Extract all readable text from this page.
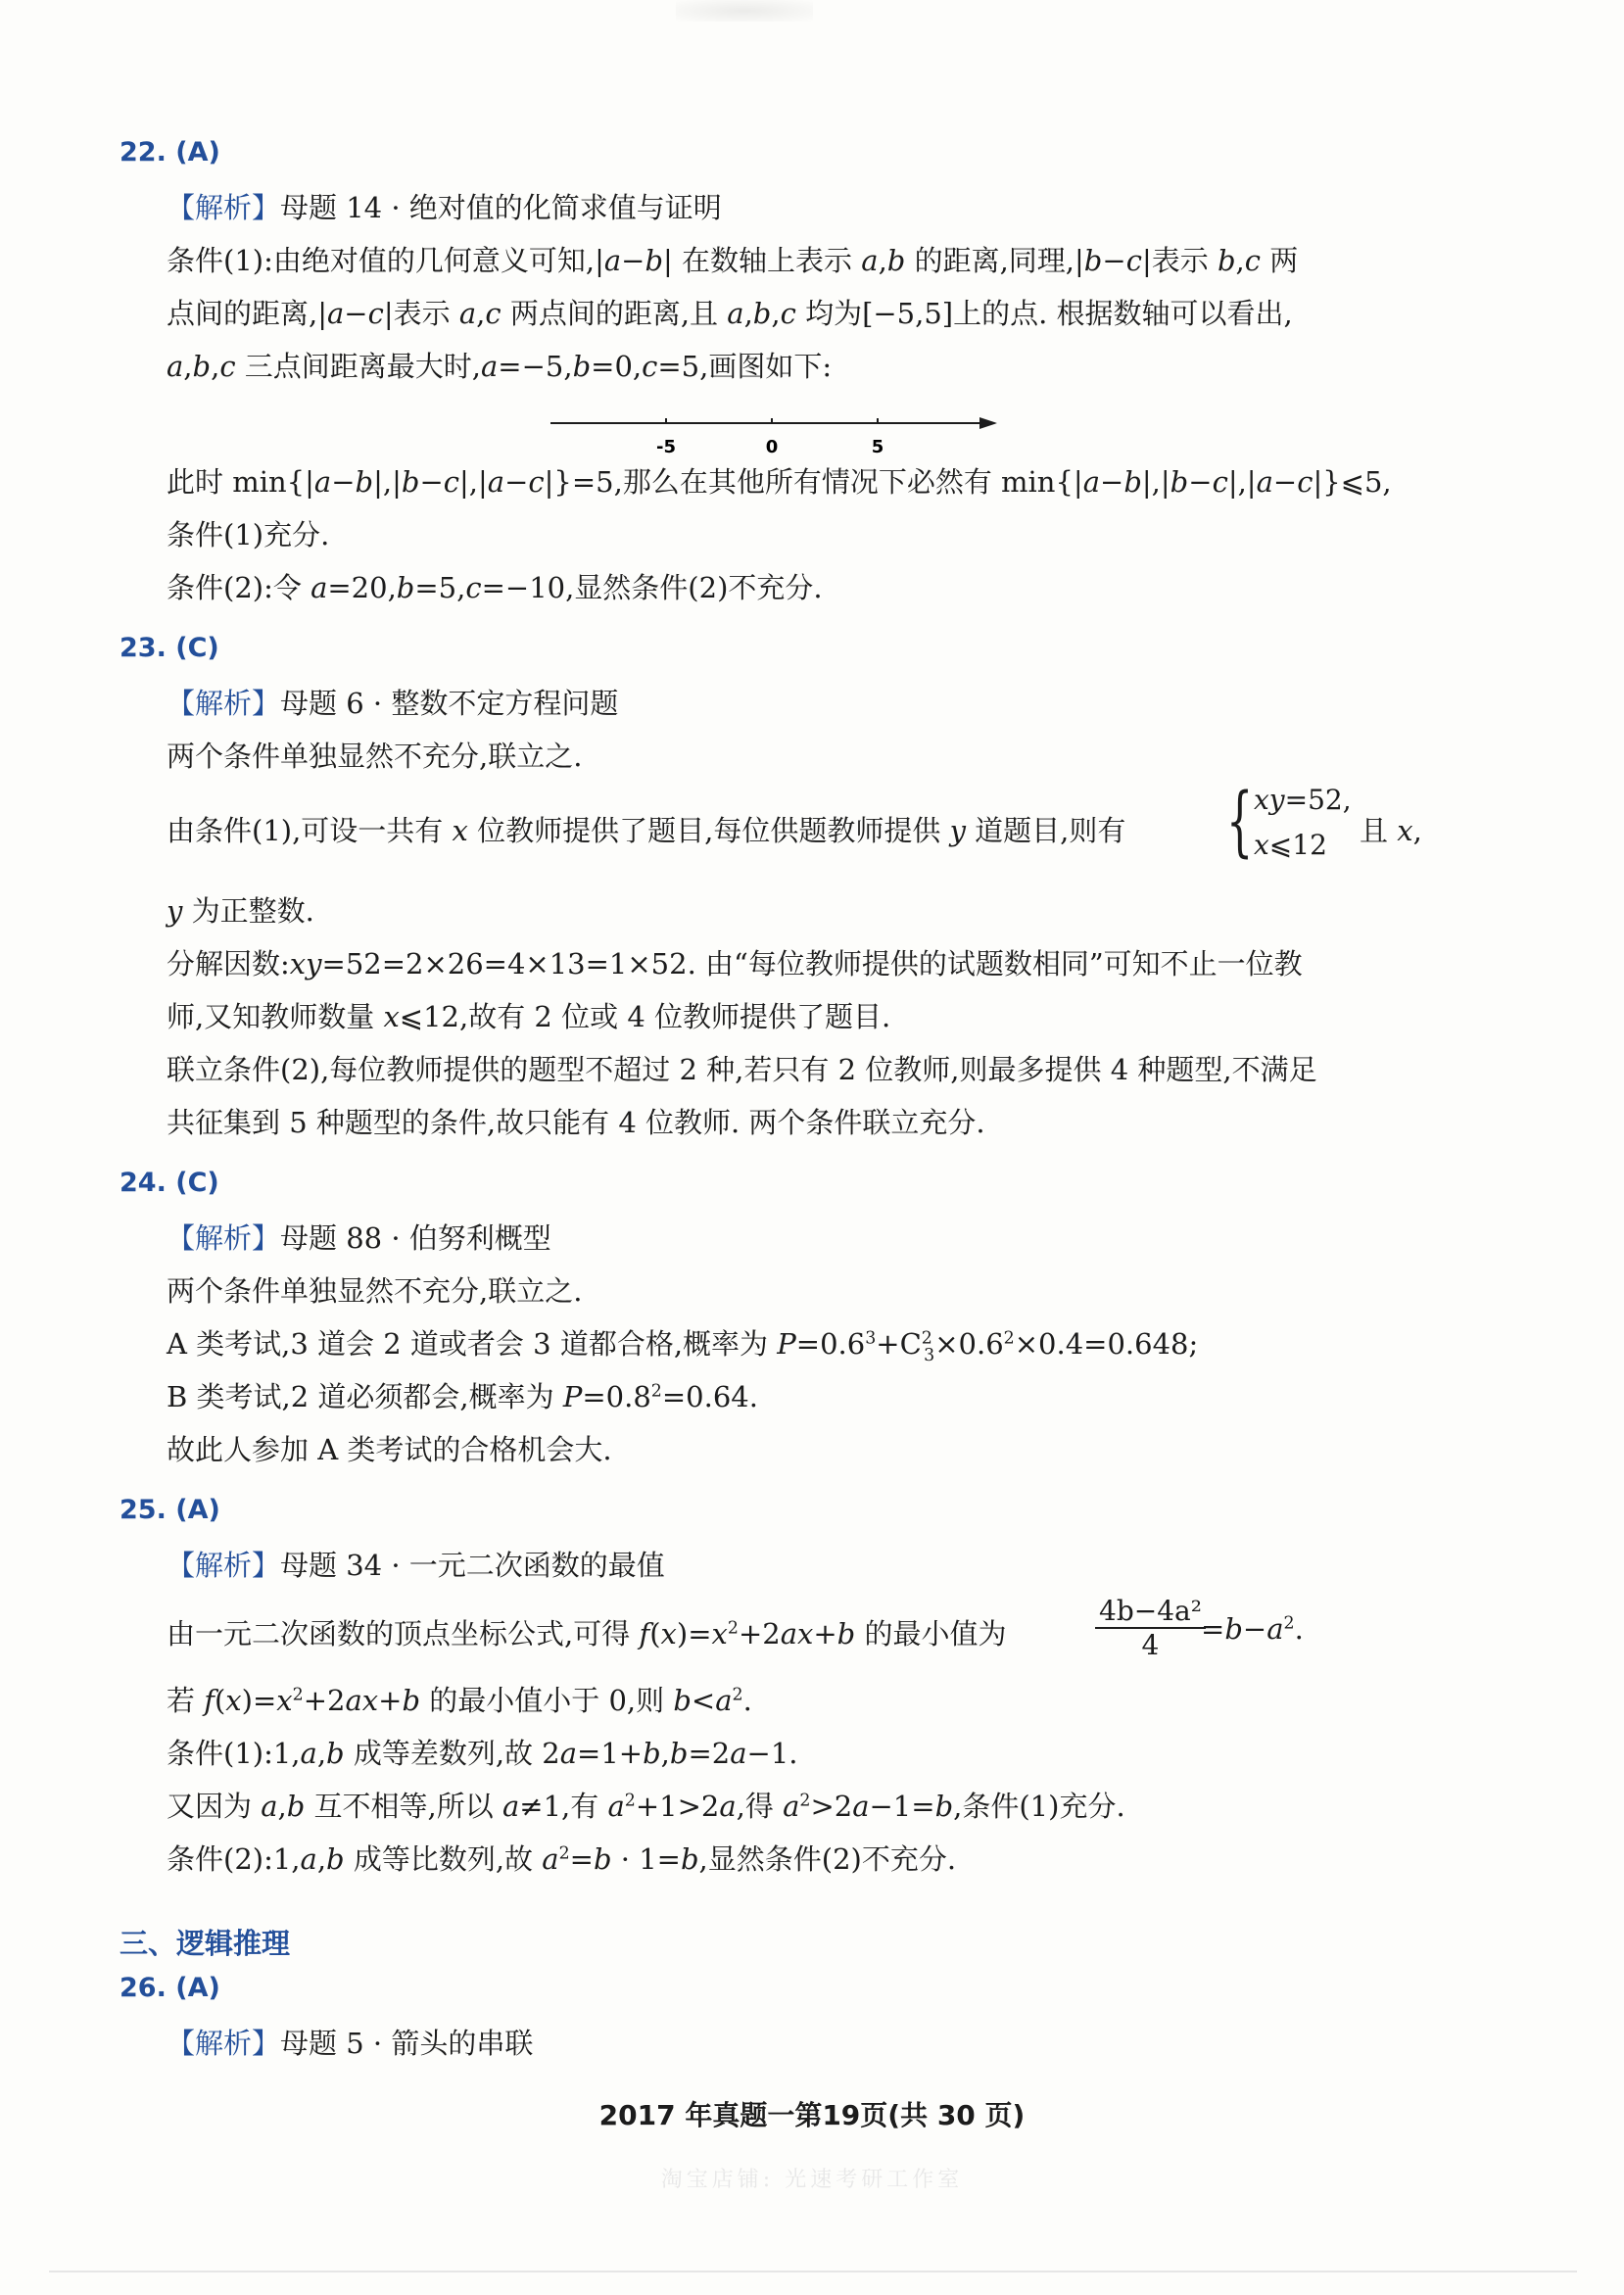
22. (A)
【解析】母题 14 · 绝对值的化简求值与证明
条件(1):由绝对值的几何意义可知,|a−b| 在数轴上表示 a,b 的距离,同理,|b−c|表示 b,c 两
点间的距离,|a−c|表示 a,c 两点间的距离,且 a,b,c 均为[−5,5]上的点. 根据数轴可以看出,
a,b,c 三点间距离最大时,a=−5,b=0,c=5,画图如下:
-5	0	5
此时 min{|a−b|,|b−c|,|a−c|}=5,那么在其他所有情况下必然有 min{|a−b|,|b−c|,|a−c|}⩽5,
条件(1)充分.
条件(2):令 a=20,b=5,c=−10,显然条件(2)不充分.
23. (C)
【解析】母题 6 · 整数不定方程问题
两个条件单独显然不充分,联立之.
由条件(1),可设一共有 x 位教师提供了题目,每位供题教师提供 y 道题目,则有 { xy=52,
x⩽12 且 x,
y 为正整数.
分解因数:xy=52=2×26=4×13=1×52. 由“每位教师提供的试题数相同”可知不止一位教
师,又知教师数量 x⩽12,故有 2 位或 4 位教师提供了题目.
联立条件(2),每位教师提供的题型不超过 2 种,若只有 2 位教师,则最多提供 4 种题型,不满足
共征集到 5 种题型的条件,故只能有 4 位教师. 两个条件联立充分.
24. (C)
【解析】母题 88 · 伯努利概型
两个条件单独显然不充分,联立之.
A 类考试,3 道会 2 道或者会 3 道都合格,概率为 $P=0.6^3+C^2_3\times 0.6^2\times 0.4=0.648$;
B 类考试,2 道必须都会,概率为 $P=0.8^2=0.64$.
故此人参加 A 类考试的合格机会大.
25. (A)
【解析】母题 34 · 一元二次函数的最值
由一元二次函数的顶点坐标公式,可得 $f(x)=x^2+2ax+b$ 的最小值为	$\frac{\text{4b−4a²}}{4}$
$=b-a^2$.
若 $f(x)=x^2+2ax+b$ 的最小值小于 0,则 $b<a^2$.
条件(1):1,a,b 成等差数列,故 2a=1+b,b=2a−1.
又因为 a,b 互不相等,所以 a≠1,有 $a^2+1>2a$,得 $a^2>2a-1=b$,条件(1)充分.
条件(2):1,a,b 成等比数列,故 $a^2=b \cdot 1=b$,显然条件(2)不充分.
三、逻辑推理
26. (A)
【解析】母题 5 · 箭头的串联
2017 年真题一第19页(共 30 页)
淘宝店铺: 光速考研工作室
